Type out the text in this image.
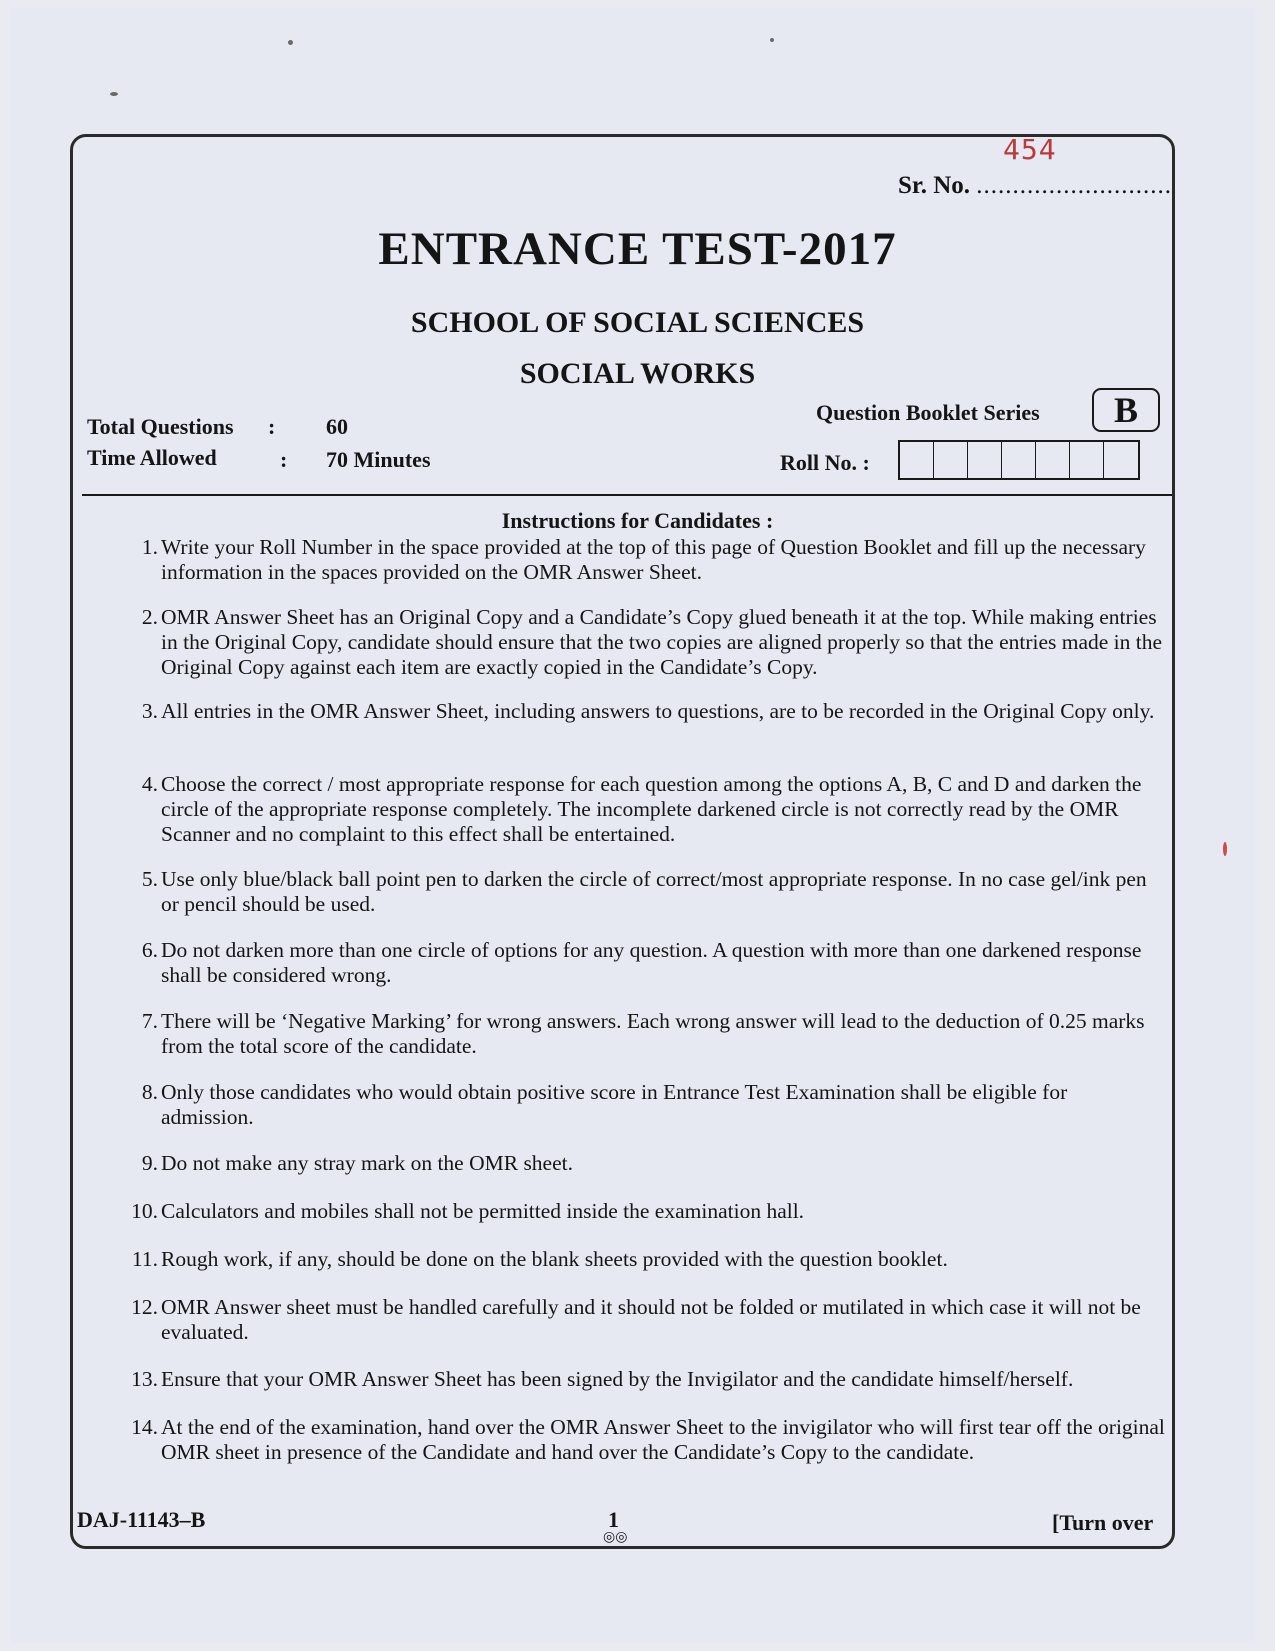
454
Sr. No. ...........................
ENTRANCE TEST-2017
SCHOOL OF SOCIAL SCIENCES
SOCIAL WORKS
Total Questions : 60
Time Allowed	: 70 Minutes
Question Booklet Series	B
Roll No. :
Instructions for Candidates :
1. Write your Roll Number in the space provided at the top of this page of Question Booklet and fill up the necessary information in the spaces provided on the OMR Answer Sheet.
2. OMR Answer Sheet has an Original Copy and a Candidate’s Copy glued beneath it at the top. While making entries in the Original Copy, candidate should ensure that the two copies are aligned properly so that the entries made in the Original Copy against each item are exactly copied in the Candidate’s Copy.
3. All entries in the OMR Answer Sheet, including answers to questions, are to be recorded in the Original Copy only.
4. Choose the correct / most appropriate response for each question among the options A, B, C and D and darken the circle of the appropriate response completely. The incomplete darkened circle is not correctly read by the OMR Scanner and no complaint to this effect shall be entertained.
5. Use only blue/black ball point pen to darken the circle of correct/most appropriate response. In no case gel/ink pen or pencil should be used.
6. Do not darken more than one circle of options for any question. A question with more than one darkened response shall be considered wrong.
7. There will be ‘Negative Marking’ for wrong answers. Each wrong answer will lead to the deduction of 0.25 marks from the total score of the candidate.
8. Only those candidates who would obtain positive score in Entrance Test Examination shall be eligible for admission.
9. Do not make any stray mark on the OMR sheet.
10. Calculators and mobiles shall not be permitted inside the examination hall.
11. Rough work, if any, should be done on the blank sheets provided with the question booklet.
12. OMR Answer sheet must be handled carefully and it should not be folded or mutilated in which case it will not be evaluated.
13. Ensure that your OMR Answer Sheet has been signed by the Invigilator and the candidate himself/herself.
14. At the end of the examination, hand over the OMR Answer Sheet to the invigilator who will first tear off the original OMR sheet in presence of the Candidate and hand over the Candidate’s Copy to the candidate.
DAJ-11143–B	1
◎◎
[Turn over
